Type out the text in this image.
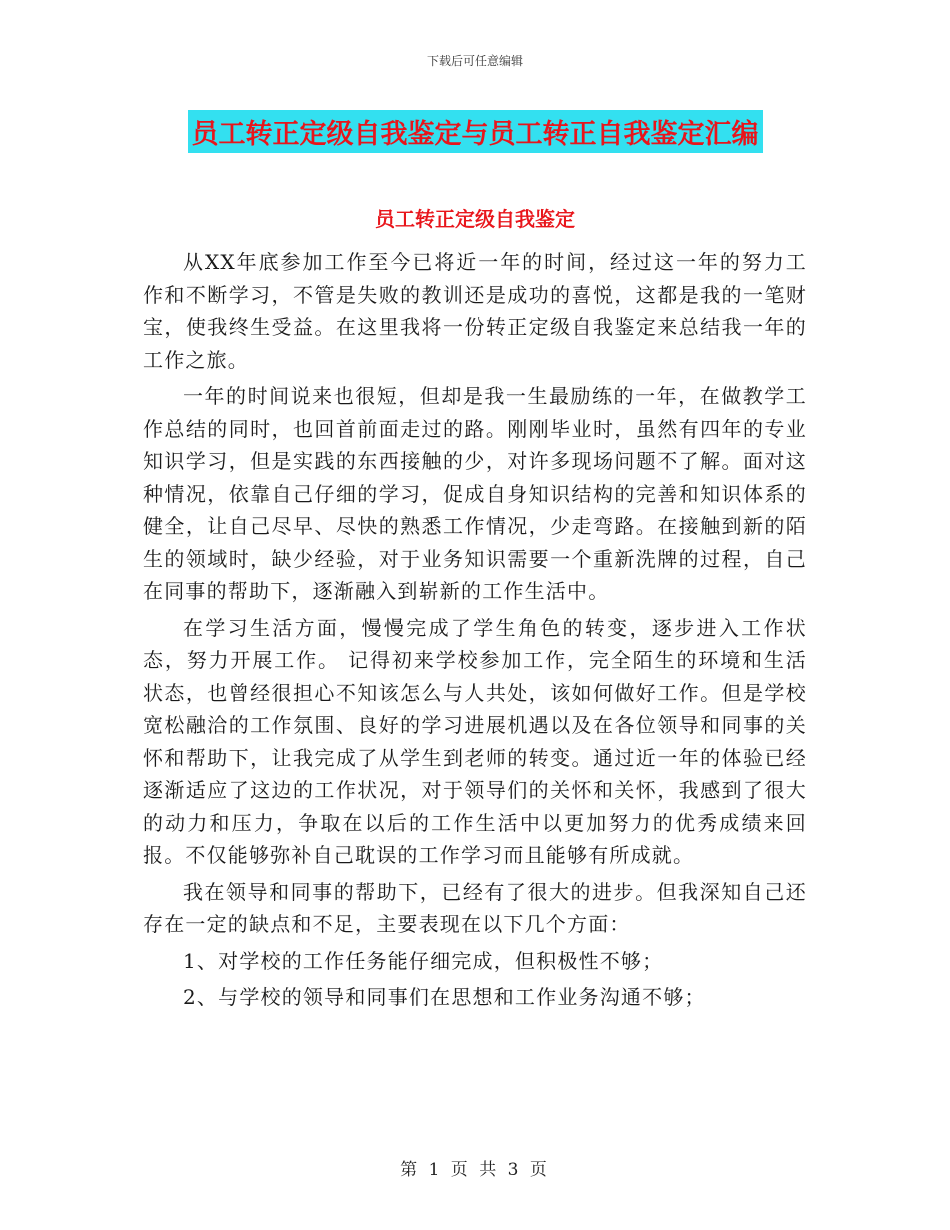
下载后可任意编辑
员工转正定级自我鉴定与员工转正自我鉴定汇编
员工转正定级自我鉴定

从XX年底参加工作至今已将近一年的时间，经过这一年的努力工作和不断学习，不管是失败的教训还是成功的喜悦，这都是我的一笔财宝，使我终生受益。在这里我将一份转正定级自我鉴定来总结我一年的工作之旅。

一年的时间说来也很短，但却是我一生最励练的一年，在做教学工作总结的同时，也回首前面走过的路。刚刚毕业时，虽然有四年的专业知识学习，但是实践的东西接触的少，对许多现场问题不了解。面对这种情况，依靠自己仔细的学习，促成自身知识结构的完善和知识体系的健全，让自己尽早、尽快的熟悉工作情况，少走弯路。在接触到新的陌生的领域时，缺少经验，对于业务知识需要一个重新洗牌的过程，自己在同事的帮助下，逐渐融入到崭新的工作生活中。

在学习生活方面，慢慢完成了学生角色的转变，逐步进入工作状态，努力开展工作。 记得初来学校参加工作，完全陌生的环境和生活状态，也曾经很担心不知该怎么与人共处，该如何做好工作。但是学校宽松融洽的工作氛围、良好的学习进展机遇以及在各位领导和同事的关怀和帮助下，让我完成了从学生到老师的转变。通过近一年的体验已经逐渐适应了这边的工作状况，对于领导们的关怀和关怀，我感到了很大的动力和压力，争取在以后的工作生活中以更加努力的优秀成绩来回报。不仅能够弥补自己耽误的工作学习而且能够有所成就。

我在领导和同事的帮助下，已经有了很大的进步。但我深知自己还存在一定的缺点和不足，主要表现在以下几个方面：

1、对学校的工作任务能仔细完成，但积极性不够；

2、与学校的领导和同事们在思想和工作业务沟通不够；

第 1 页 共 3 页
